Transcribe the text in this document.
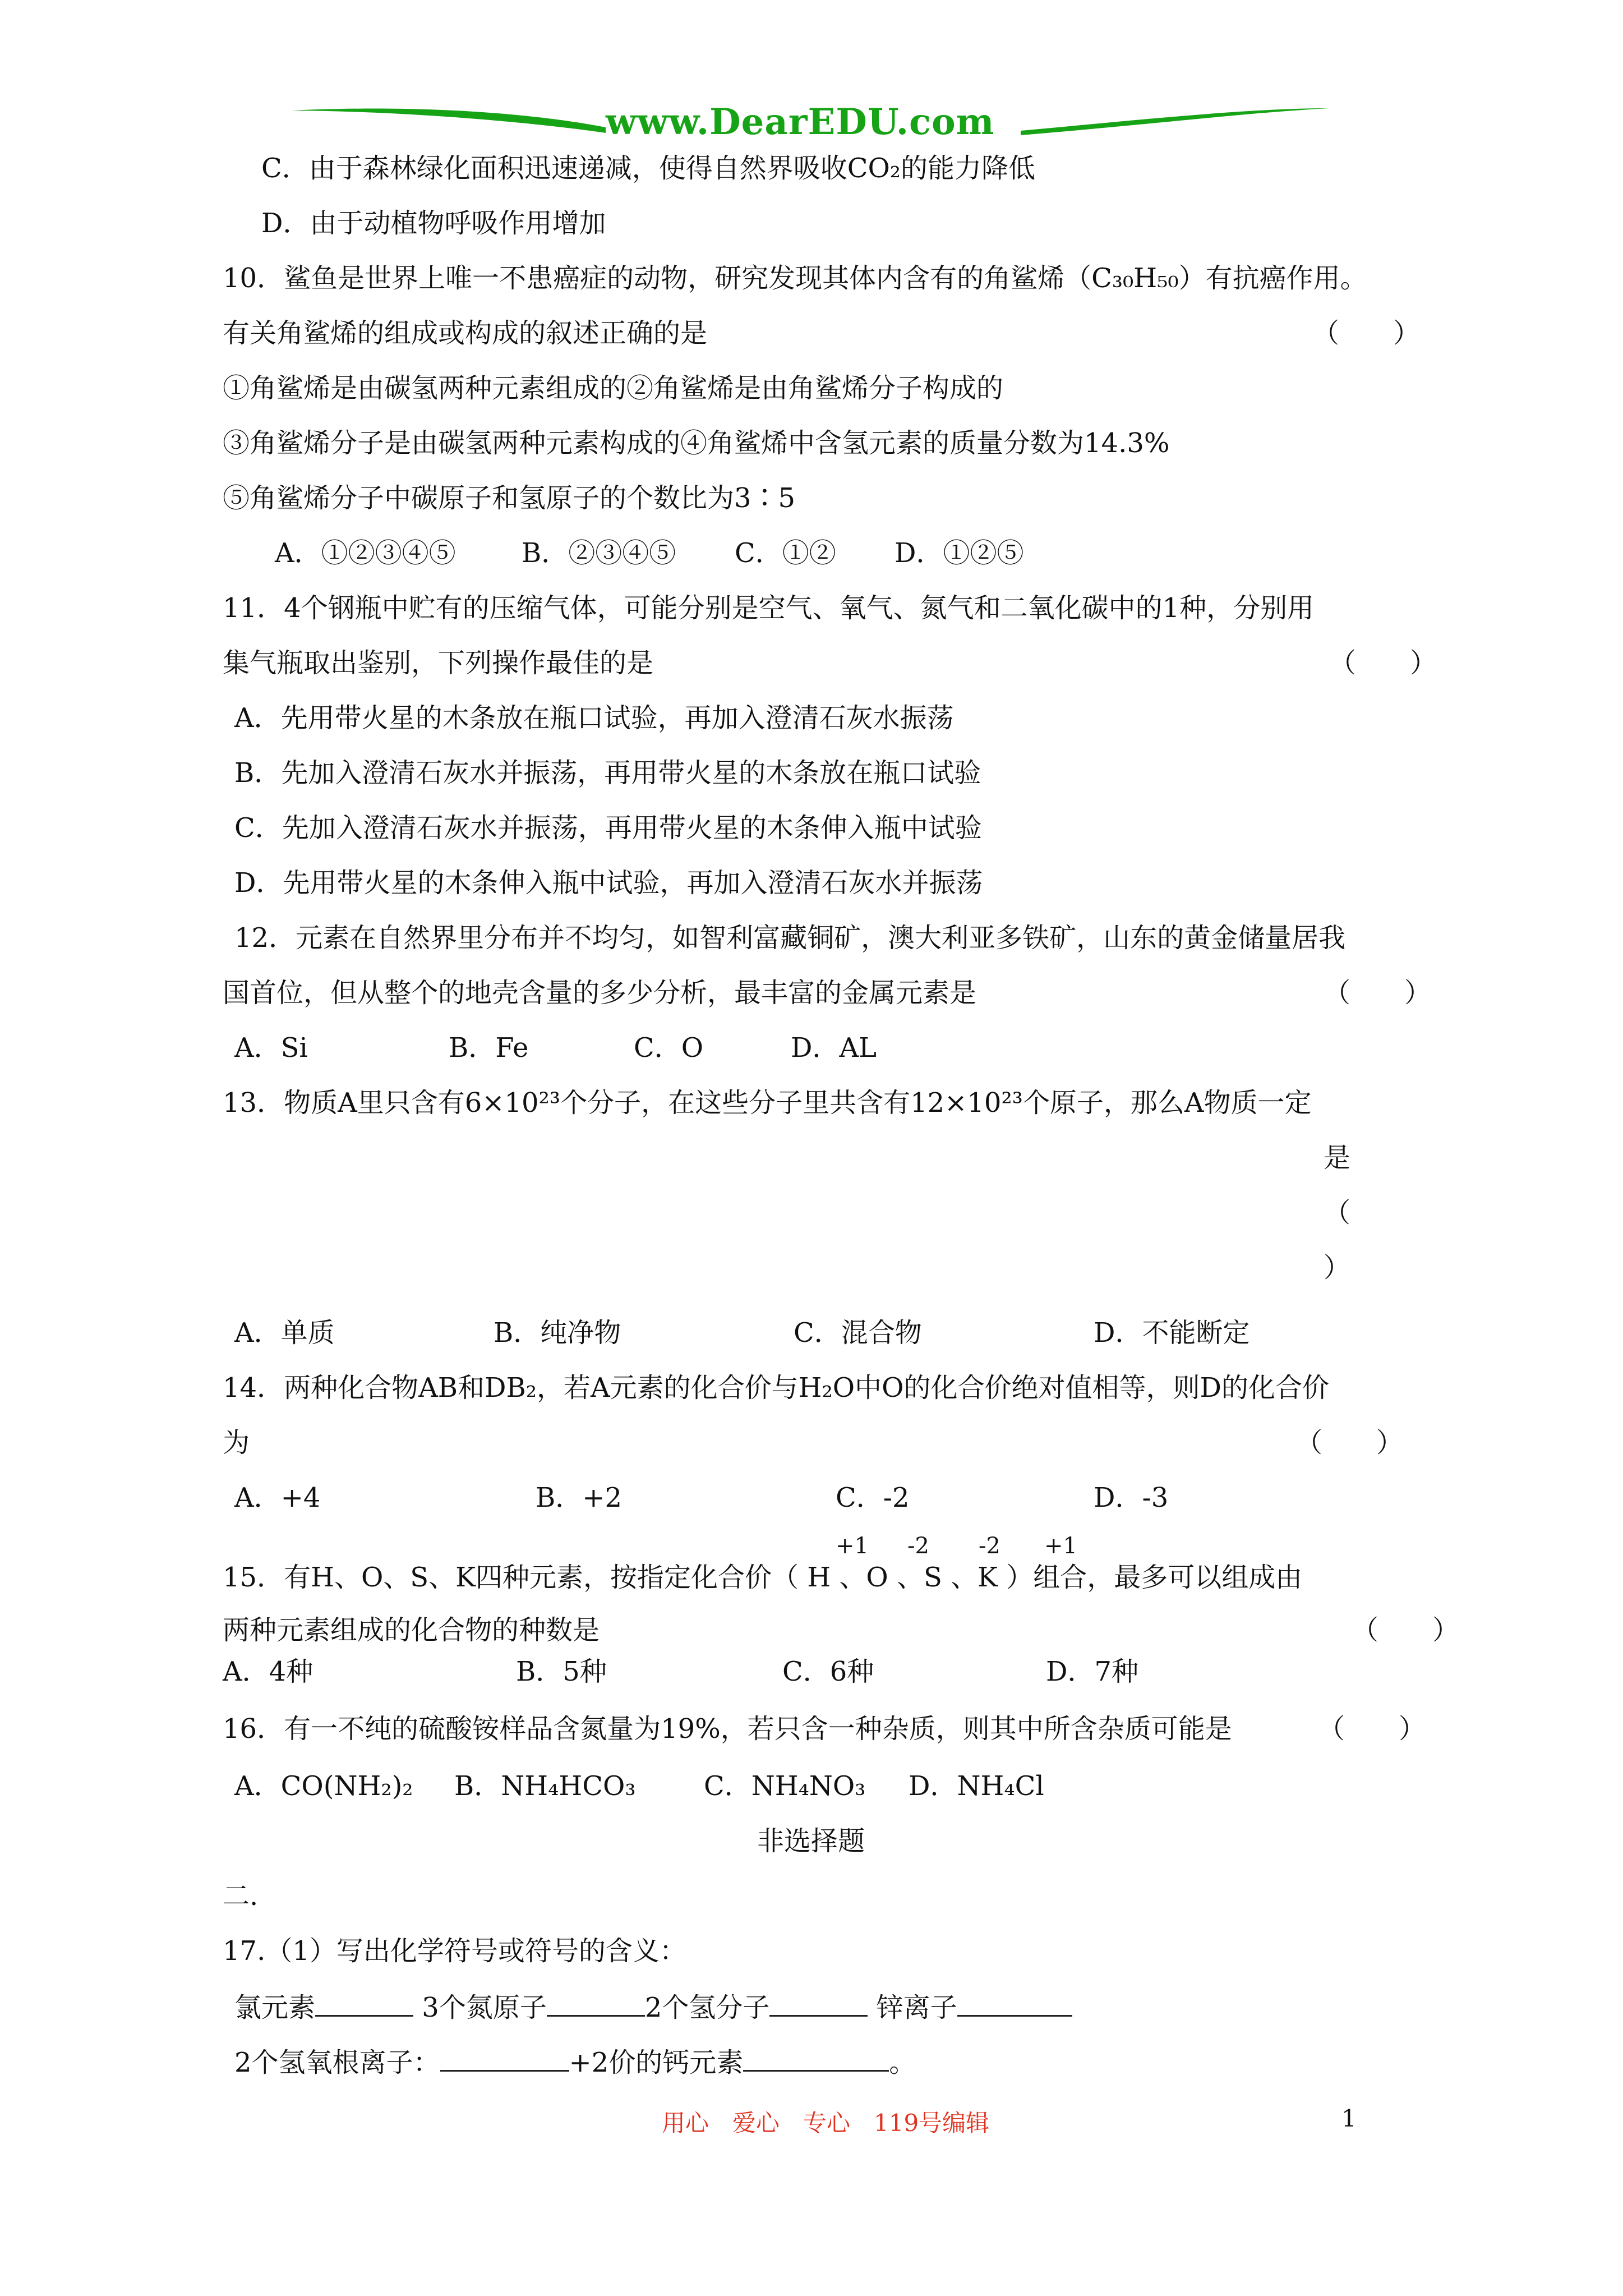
www.DearEDU.com
C．由于森林绿化面积迅速递减，使得自然界吸收CO₂的能力降低
D．由于动植物呼吸作用增加
10．鲨鱼是世界上唯一不患癌症的动物，研究发现其体内含有的角鲨烯（C₃₀H₅₀）有抗癌作用。
有关角鲨烯的组成或构成的叙述正确的是	（　　）
①角鲨烯是由碳氢两种元素组成的②角鲨烯是由角鲨烯分子构成的
③角鲨烯分子是由碳氢两种元素构成的④角鲨烯中含氢元素的质量分数为14.3%
⑤角鲨烯分子中碳原子和氢原子的个数比为3∶5
A．①②③④⑤ B．②③④⑤ C．①② D．①②⑤
11．4个钢瓶中贮有的压缩气体，可能分别是空气、氧气、氮气和二氧化碳中的1种，分别用
集气瓶取出鉴别，下列操作最佳的是	（　　）
A．先用带火星的木条放在瓶口试验，再加入澄清石灰水振荡
B．先加入澄清石灰水并振荡，再用带火星的木条放在瓶口试验
C．先加入澄清石灰水并振荡，再用带火星的木条伸入瓶中试验
D．先用带火星的木条伸入瓶中试验，再加入澄清石灰水并振荡
12．元素在自然界里分布并不均匀，如智利富藏铜矿，澳大利亚多铁矿，山东的黄金储量居我
国首位，但从整个的地壳含量的多少分析，最丰富的金属元素是	（　　）
A．Si	B．Fe	C．O	D．AL
13．物质A里只含有6×10²³个分子，在这些分子里共含有12×10²³个原子，那么A物质一定
是
（
）
A．单质	B．纯净物	C．混合物	D．不能断定
14．两种化合物AB和DB₂，若A元素的化合价与H₂O中O的化合价绝对值相等，则D的化合价
为	（　　）
A．+4	B．+2	C．-2	D．-3
+1 -2 -2 +1
15．有H、O、S、K四种元素，按指定化合价（ H 、O 、S 、K ）组合，最多可以组成由
两种元素组成的化合物的种数是	（　　）
A．4种	B．5种	C．6种	D．7种
16．有一不纯的硫酸铵样品含氮量为19%，若只含一种杂质，则其中所含杂质可能是	（　　）
A．CO(NH₂)₂ B．NH₄HCO₃	C．NH₄NO₃ D．NH₄Cl
非选择题
二.
17.（1）写出化学符号或符号的含义：
氯元素	3个氮原子	2个氢分子	锌离子
2个氢氧根离子：	+2价的钙元素	。
用心　爱心　专心　119号编辑	1
